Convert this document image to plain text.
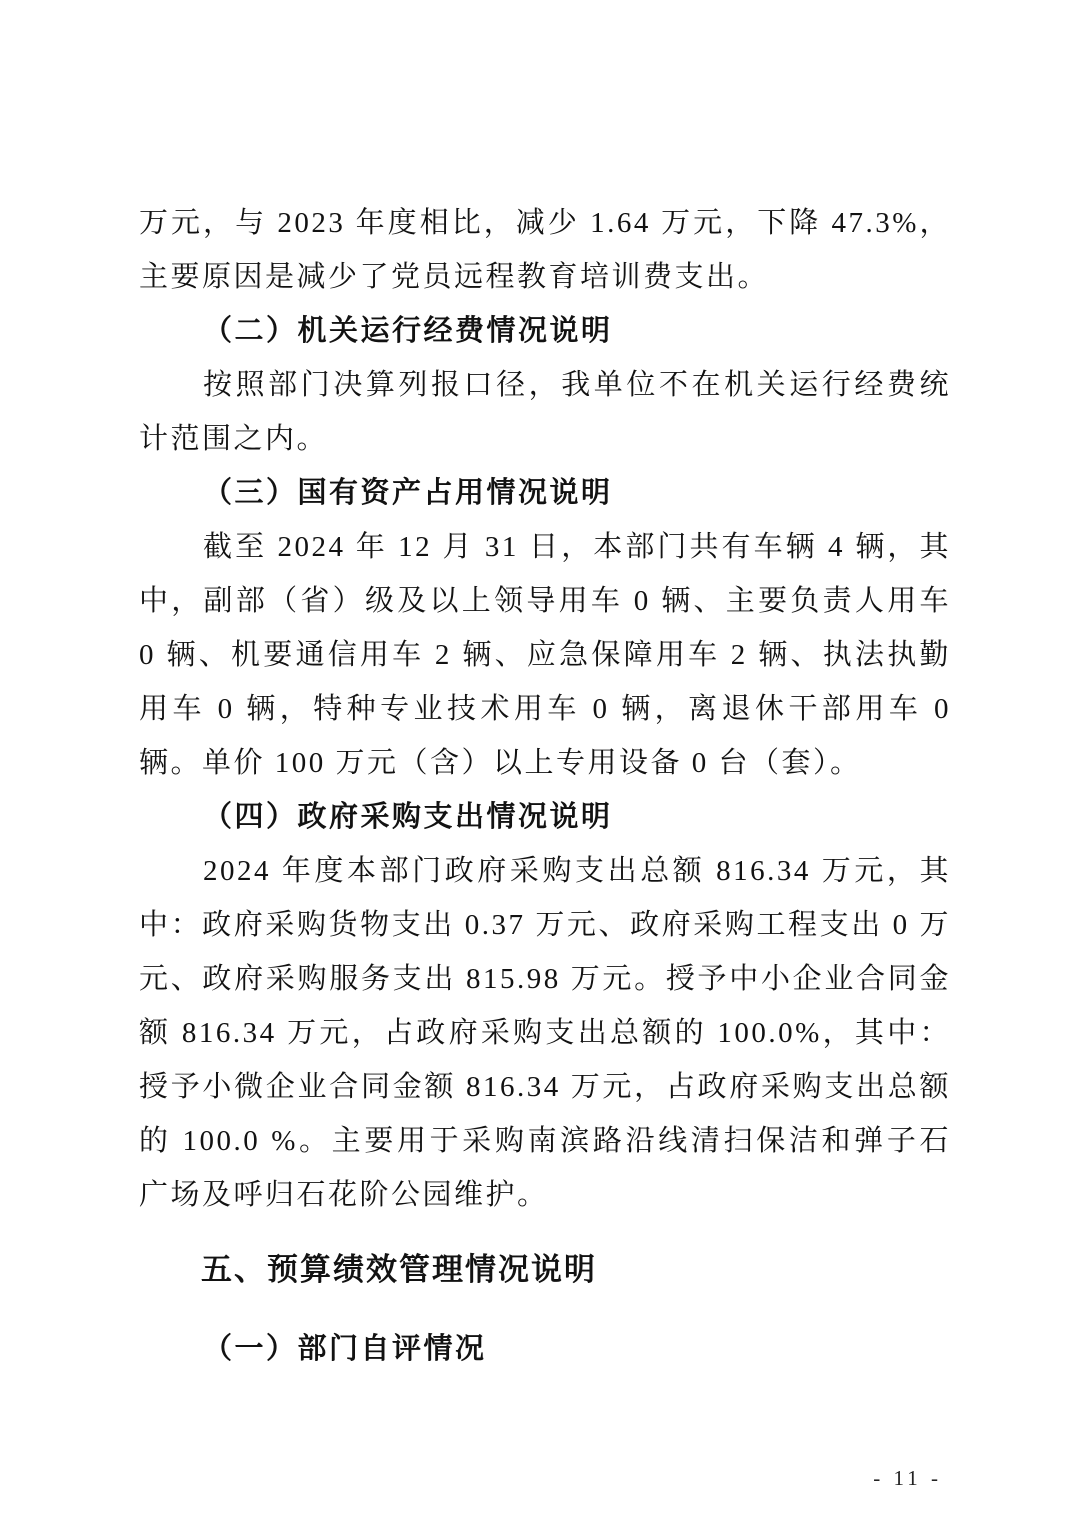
万元，与 2023 年度相比，减少 1.64 万元，下降 47.3%，主要原因是减少了党员远程教育培训费支出。

（二）机关运行经费情况说明

按照部门决算列报口径，我单位不在机关运行经费统计范围之内。

（三）国有资产占用情况说明

截至 2024 年 12 月 31 日，本部门共有车辆 4 辆，其中，副部（省）级及以上领导用车 0 辆、主要负责人用车 0 辆、机要通信用车 2 辆、应急保障用车 2 辆、执法执勤用车 0 辆，特种专业技术用车 0 辆，离退休干部用车 0 辆。单价 100 万元（含）以上专用设备 0 台（套）。

（四）政府采购支出情况说明

2024 年度本部门政府采购支出总额 816.34 万元，其中：政府采购货物支出 0.37 万元、政府采购工程支出 0 万元、政府采购服务支出 815.98 万元。授予中小企业合同金额 816.34 万元，占政府采购支出总额的 100.0%，其中：授予小微企业合同金额 816.34 万元，占政府采购支出总额的 100.0 %。主要用于采购南滨路沿线清扫保洁和弹子石广场及呼归石花阶公园维护。

五、预算绩效管理情况说明

（一）部门自评情况

- 11 -
